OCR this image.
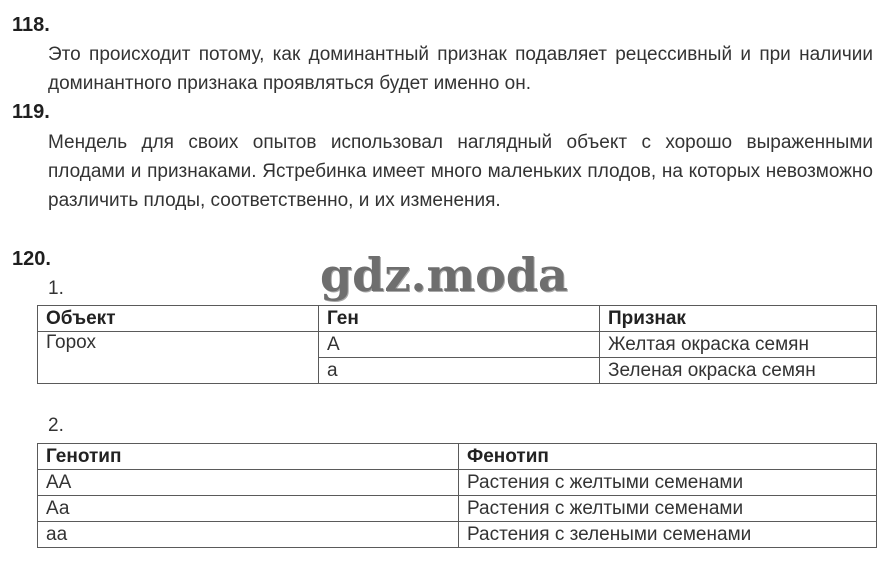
118.
Это происходит потому, как доминантный признак подавляет рецессивный и при наличии доминантного признака проявляться будет именно он.
119.
Мендель для своих опытов использовал наглядный объект с хорошо выраженными плодами и признаками. Ястребинка имеет много маленьких плодов, на которых невозможно различить плоды, соответственно, и их изменения.
120.
1.
Объект	Ген	Признак
Горох	А	Желтая окраска семян
	а	Зеленая окраска семян
2.
Генотип	Фенотип
АА	Растения с желтыми семенами
Аа	Растения с желтыми семенами
аа	Растения с зелеными семенами
gdz.moda
